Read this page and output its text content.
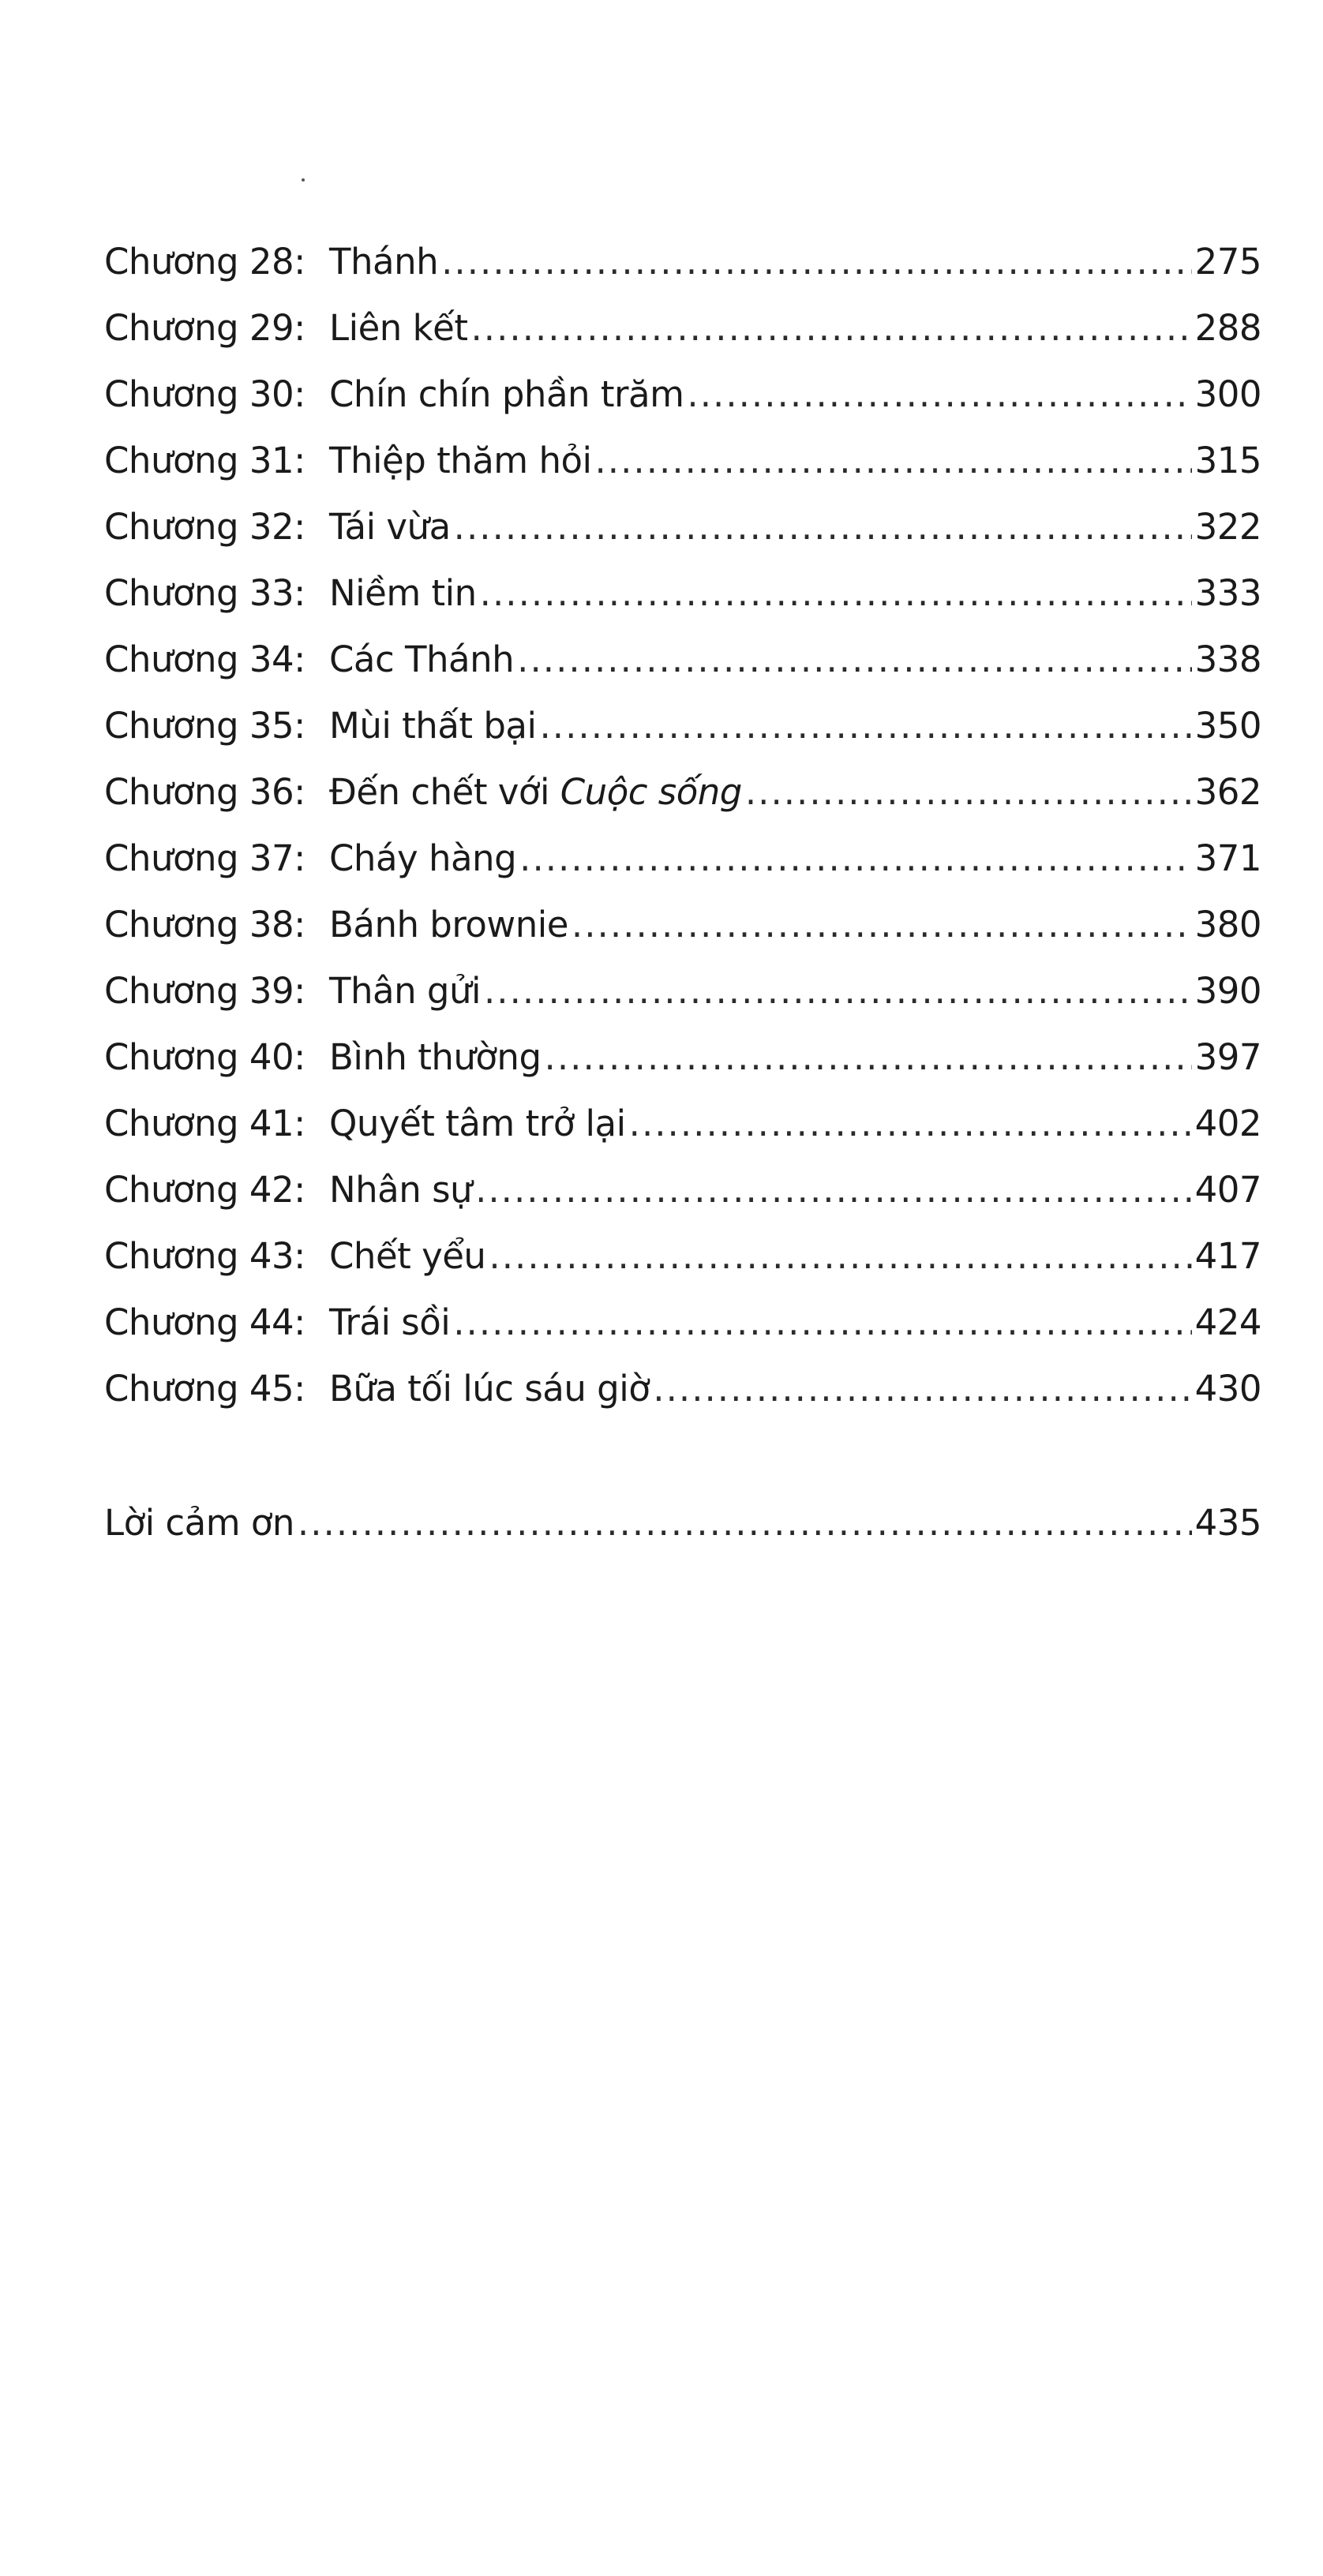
Chương 28: Thánh .....	275
Chương 29: Liên kết .....	288
Chương 30: Chín chín phần trăm .....	300
Chương 31: Thiệp thăm hỏi .....	315
Chương 32: Tái vừa .....	322
Chương 33: Niềm tin .....	333
Chương 34: Các Thánh .....	338
Chương 35: Mùi thất bại .....	350
Chương 36: Đến chết với Cuộc sống .....	362
Chương 37: Cháy hàng .....	371
Chương 38: Bánh brownie .....	380
Chương 39: Thân gửi .....	390
Chương 40: Bình thường .....	397
Chương 41: Quyết tâm trở lại .....	402
Chương 42: Nhân sự .....	407
Chương 43: Chết yểu .....	417
Chương 44: Trái sồi .....	424
Chương 45: Bữa tối lúc sáu giờ .....	430
Lời cảm ơn .....	435
